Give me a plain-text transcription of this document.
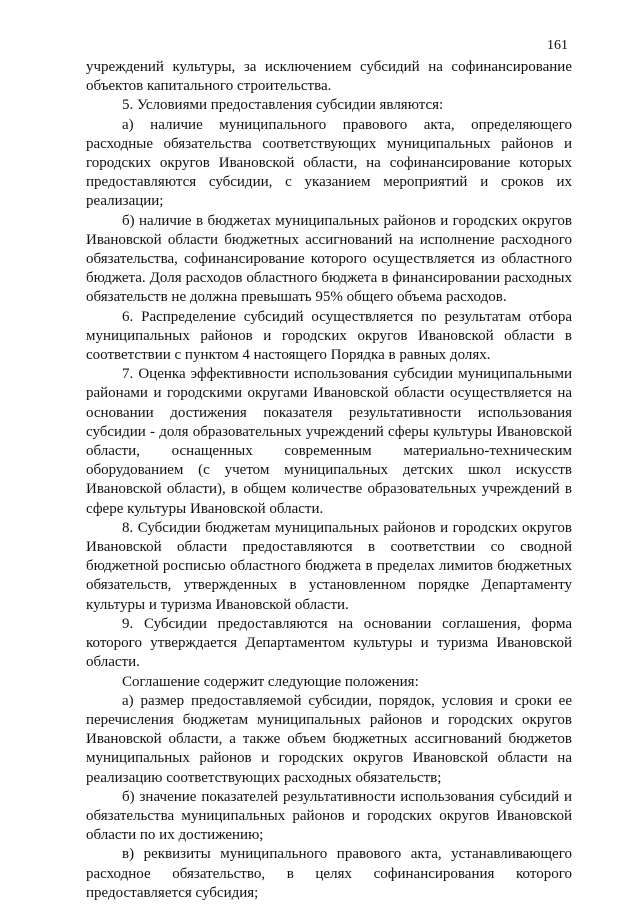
161

учреждений культуры, за исключением субсидий на софинансирование объектов капитального строительства.

5. Условиями предоставления субсидии являются:

а) наличие муниципального правового акта, определяющего расходные обязательства соответствующих муниципальных районов и городских округов Ивановской области, на софинансирование которых предоставляются субсидии, с указанием мероприятий и сроков их реализации;

б) наличие в бюджетах муниципальных районов и городских округов Ивановской области бюджетных ассигнований на исполнение расходного обязательства, софинансирование которого осуществляется из областного бюджета. Доля расходов областного бюджета в финансировании расходных обязательств не должна превышать 95% общего объема расходов.

6. Распределение субсидий осуществляется по результатам отбора муниципальных районов и городских округов Ивановской области в соответствии с пунктом 4 настоящего Порядка в равных долях.

7. Оценка эффективности использования субсидии муниципальными районами и городскими округами Ивановской области осуществляется на основании достижения показателя результативности использования субсидии - доля образовательных учреждений сферы культуры Ивановской области, оснащенных современным материально-техническим оборудованием (с учетом муниципальных детских школ искусств Ивановской области), в общем количестве образовательных учреждений в сфере культуры Ивановской области.

8. Субсидии бюджетам муниципальных районов и городских округов Ивановской области предоставляются в соответствии со сводной бюджетной росписью областного бюджета в пределах лимитов бюджетных обязательств, утвержденных в установленном порядке Департаменту культуры и туризма Ивановской области.

9. Субсидии предоставляются на основании соглашения, форма которого утверждается Департаментом культуры и туризма Ивановской области.

Соглашение содержит следующие положения:

а) размер предоставляемой субсидии, порядок, условия и сроки ее перечисления бюджетам муниципальных районов и городских округов Ивановской области, а также объем бюджетных ассигнований бюджетов муниципальных районов и городских округов Ивановской области на реализацию соответствующих расходных обязательств;

б) значение показателей результативности использования субсидий и обязательства муниципальных районов и городских округов Ивановской области по их достижению;

в) реквизиты муниципального правового акта, устанавливающего расходное обязательство, в целях софинансирования которого предоставляется субсидия;
